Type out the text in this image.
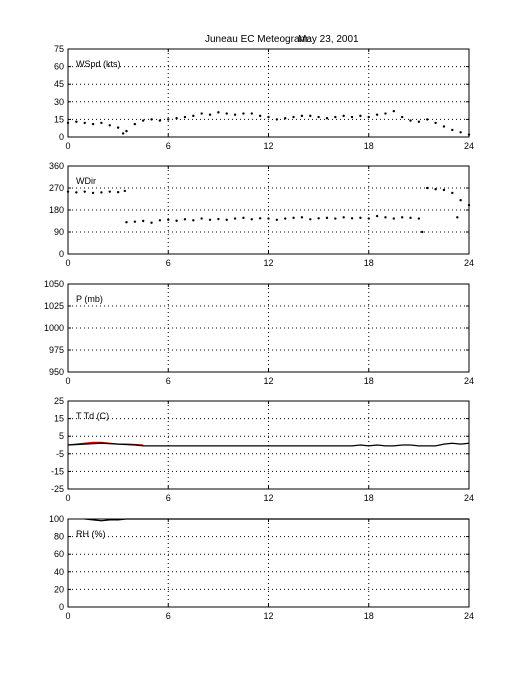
Juneau EC Meteogram:
May 23, 2001
0	6	12	18	24
0
15
30
45
60
75
WSpd (kts)
0	6	12	18	24
0
90
180
270
360
WDir
0	6	12	18	24
950
975
1000
1025
1050
P (mb)
0	6	12	18	24
-25
-15
-5
5
15
25
T Td (C)
0	6	12	18	24
0
20
40
60
80
100
RH (%)
